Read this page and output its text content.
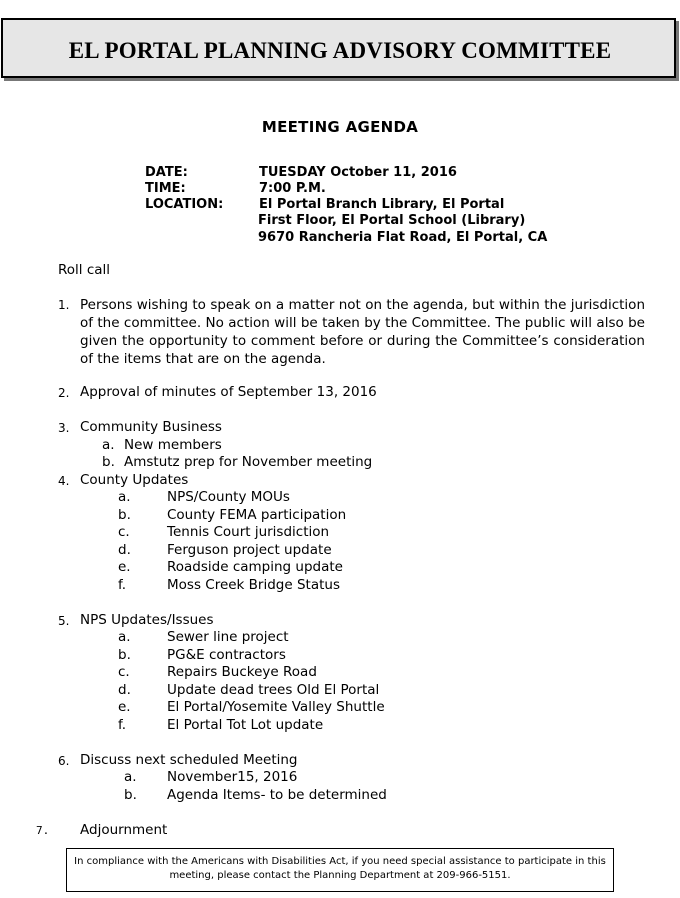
EL PORTAL PLANNING ADVISORY COMMITTEE
MEETING AGENDA
DATE:	TUESDAY October 11, 2016
TIME:	7:00 P.M.
LOCATION:	El Portal Branch Library, El Portal
First Floor, El Portal School (Library)
9670 Rancheria Flat Road, El Portal, CA
Roll call
1. Persons wishing to speak on a matter not on the agenda, but within the jurisdiction of the committee. No action will be taken by the Committee. The public will also be given the opportunity to comment before or during the Committee’s consideration of the items that are on the agenda.

2. Approval of minutes of September 13, 2016
3. Community Business
a. New members
b. Amstutz prep for November meeting
4. County Updates
a.	NPS/County MOUs
b.	County FEMA participation
c.	Tennis Court jurisdiction
d.	Ferguson project update
e.	Roadside camping update
f.	Moss Creek Bridge Status
5. NPS Updates/Issues
a.	Sewer line project
b.	PG&E contractors
c.	Repairs Buckeye Road
d.	Update dead trees Old El Portal
e.	El Portal/Yosemite Valley Shuttle
f.	El Portal Tot Lot update
6. Discuss next scheduled Meeting
a. November15, 2016
b. Agenda Items- to be determined
7. Adjournment
In compliance with the Americans with Disabilities Act, if you need special assistance to participate in this
meeting, please contact the Planning Department at 209-966-5151.
